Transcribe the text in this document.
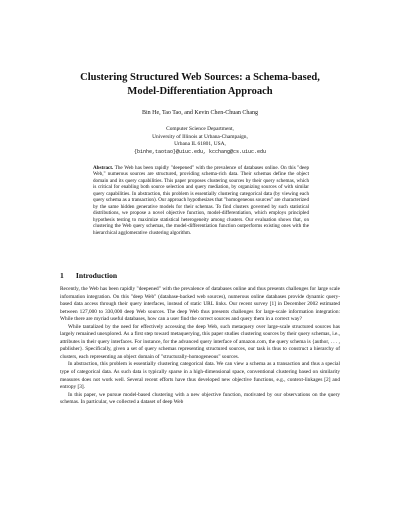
Clustering Structured Web Sources: a Schema-based,
Model-Differentiation Approach
Bin He, Tao Tao, and Kevin Chen-Chuan Chang
Computer Science Department,
University of Illinois at Urbana-Champaign,
Urbana IL 61801, USA,
{binhe,taotao}@uiuc.edu, kcchang@cs.uiuc.edu
Abstract. The Web has been rapidly "deepened" with the prevalence of databases online. On this "deep Web," numerous sources are structured, providing schema-rich data. Their schemas define the object domain and its query capabilities. This paper proposes clustering sources by their query schemas, which is critical for enabling both source selection and query mediation, by organizing sources of with similar query capabilities. In abstraction, this problem is essentially clustering categorical data (by viewing each query schema as a transaction). Our approach hypothesizes that "homogeneous sources" are characterized by the same hidden generative models for their schemas. To find clusters governed by such statistical distributions, we propose a novel objective function, model-differentiation, which employs principled hypothesis testing to maximize statistical heterogeneity among clusters. Our evaluation shows that, on clustering the Web query schemas, the model-differentiation function outperforms existing ones with the hierarchical agglomerative clustering algorithm.
1 Introduction

Recently, the Web has been rapidly "deepened" with the prevalence of databases online and thus presents challenges for large scale information integration. On this "deep Web" (database-backed web sources), numerous online databases provide dynamic query-based data access through their query interfaces, instead of static URL links. Our recent survey [1] in December 2002 estimated between 127,000 to 330,000 deep Web sources. The deep Web thus presents challenges for large-scale information integration: While there are myriad useful databases, how can a user find the correct sources and query them in a correct way?

While tantalized by the need for effectively accessing the deep Web, such metaquery over large-scale structured sources has largely remained unexplored. As a first step toward metaquerying, this paper studies clustering sources by their query schemas, i.e., attributes in their query interfaces. For instance, for the advanced query interface of amazon.com, the query schema is {author, . . . , publisher}. Specifically, given a set of query schemas representing structured sources, our task is thus to construct a hierarchy of clusters, each representing an object domain of "structurally-homogeneous" sources.

In abstraction, this problem is essentially clustering categorical data. We can view a schema as a transaction and thus a special type of categorical data. As such data is typically sparse in a high-dimensional space, conventional clustering based on similarity measures does not work well. Several recent efforts have thus developed new objective functions, e.g., context-linkages [2] and entropy [3].

In this paper, we pursue model-based clustering with a new objective function, motivated by our observations on the query schemas. In particular, we collected a dataset of deep Web
